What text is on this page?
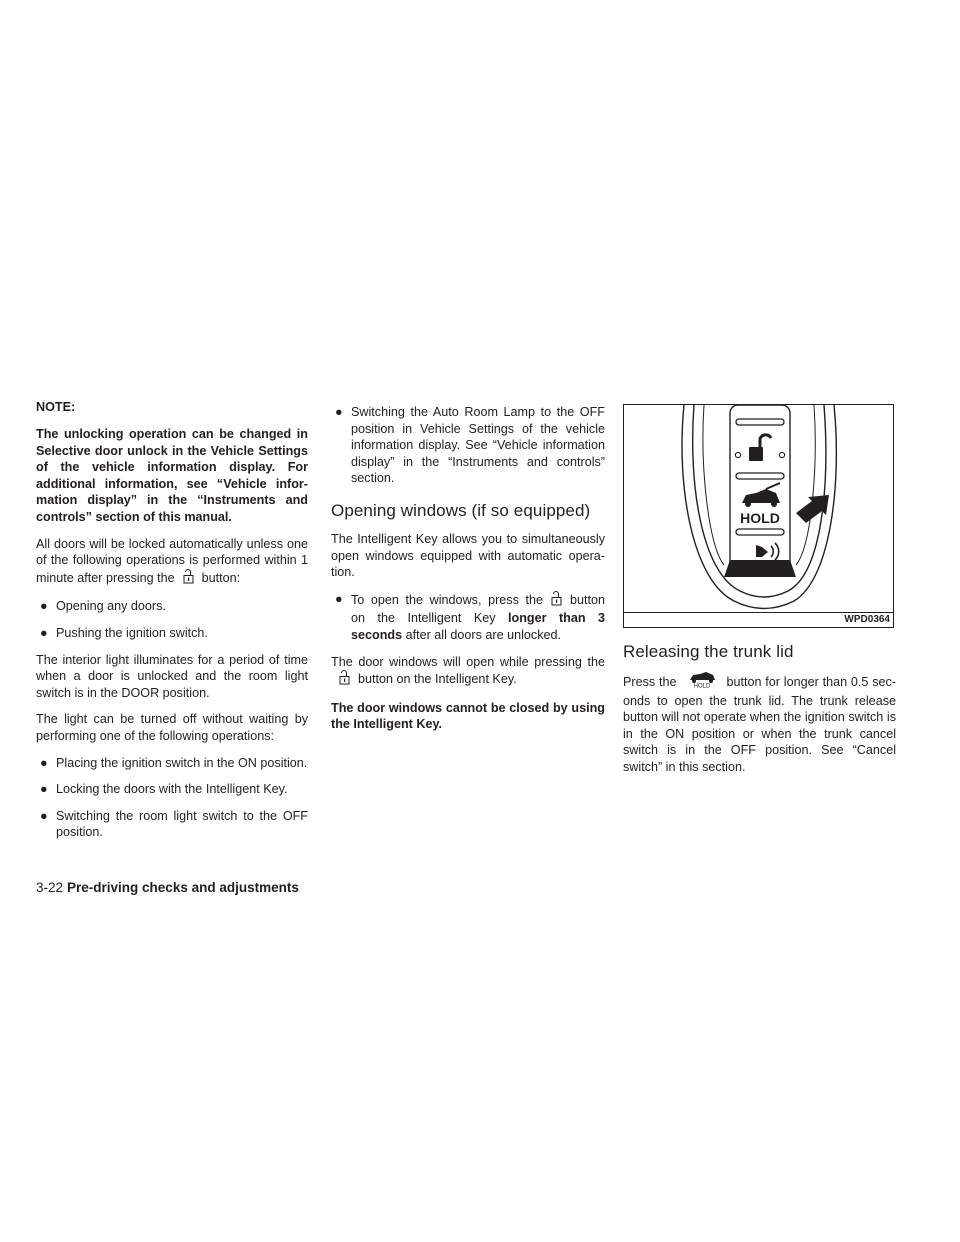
NOTE:

The unlocking operation can be changed in Selective door unlock in the Vehicle Settings of the vehicle information display. For additional information, see “Vehicle information display” in the “Instruments and controls” section of this manual.

All doors will be locked automatically unless one of the following operations is performed within 1 minute after pressing the button:

● Opening any doors.
● Pushing the ignition switch.

The interior light illuminates for a period of time when a door is unlocked and the room light switch is in the DOOR position.

The light can be turned off without waiting by performing one of the following operations:

● Placing the ignition switch in the ON position.
● Locking the doors with the Intelligent Key.
● Switching the room light switch to the OFF position.
● Switching the Auto Room Lamp to the OFF position in Vehicle Settings of the vehicle information display. See “Vehicle information display” in the “Instruments and controls” section.
Opening windows (if so equipped)

The Intelligent Key allows you to simultaneously open windows equipped with automatic operation.

● To open the windows, press the button on the Intelligent Key longer than 3 seconds after all doors are unlocked.

The door windows will open while pressing thebutton on the Intelligent Key.

The door windows cannot be closed by using the Intelligent Key.

HOLD
WPD0364
Releasing the trunk lid

Press the	HOLD button for longer than 0.5 seconds to open the trunk lid. The trunk release button will not operate when the ignition switch is in the ON position or when the trunk cancel switch is in the OFF position. See “Cancel switch” in this section.

3-22 Pre-driving checks and adjustments
